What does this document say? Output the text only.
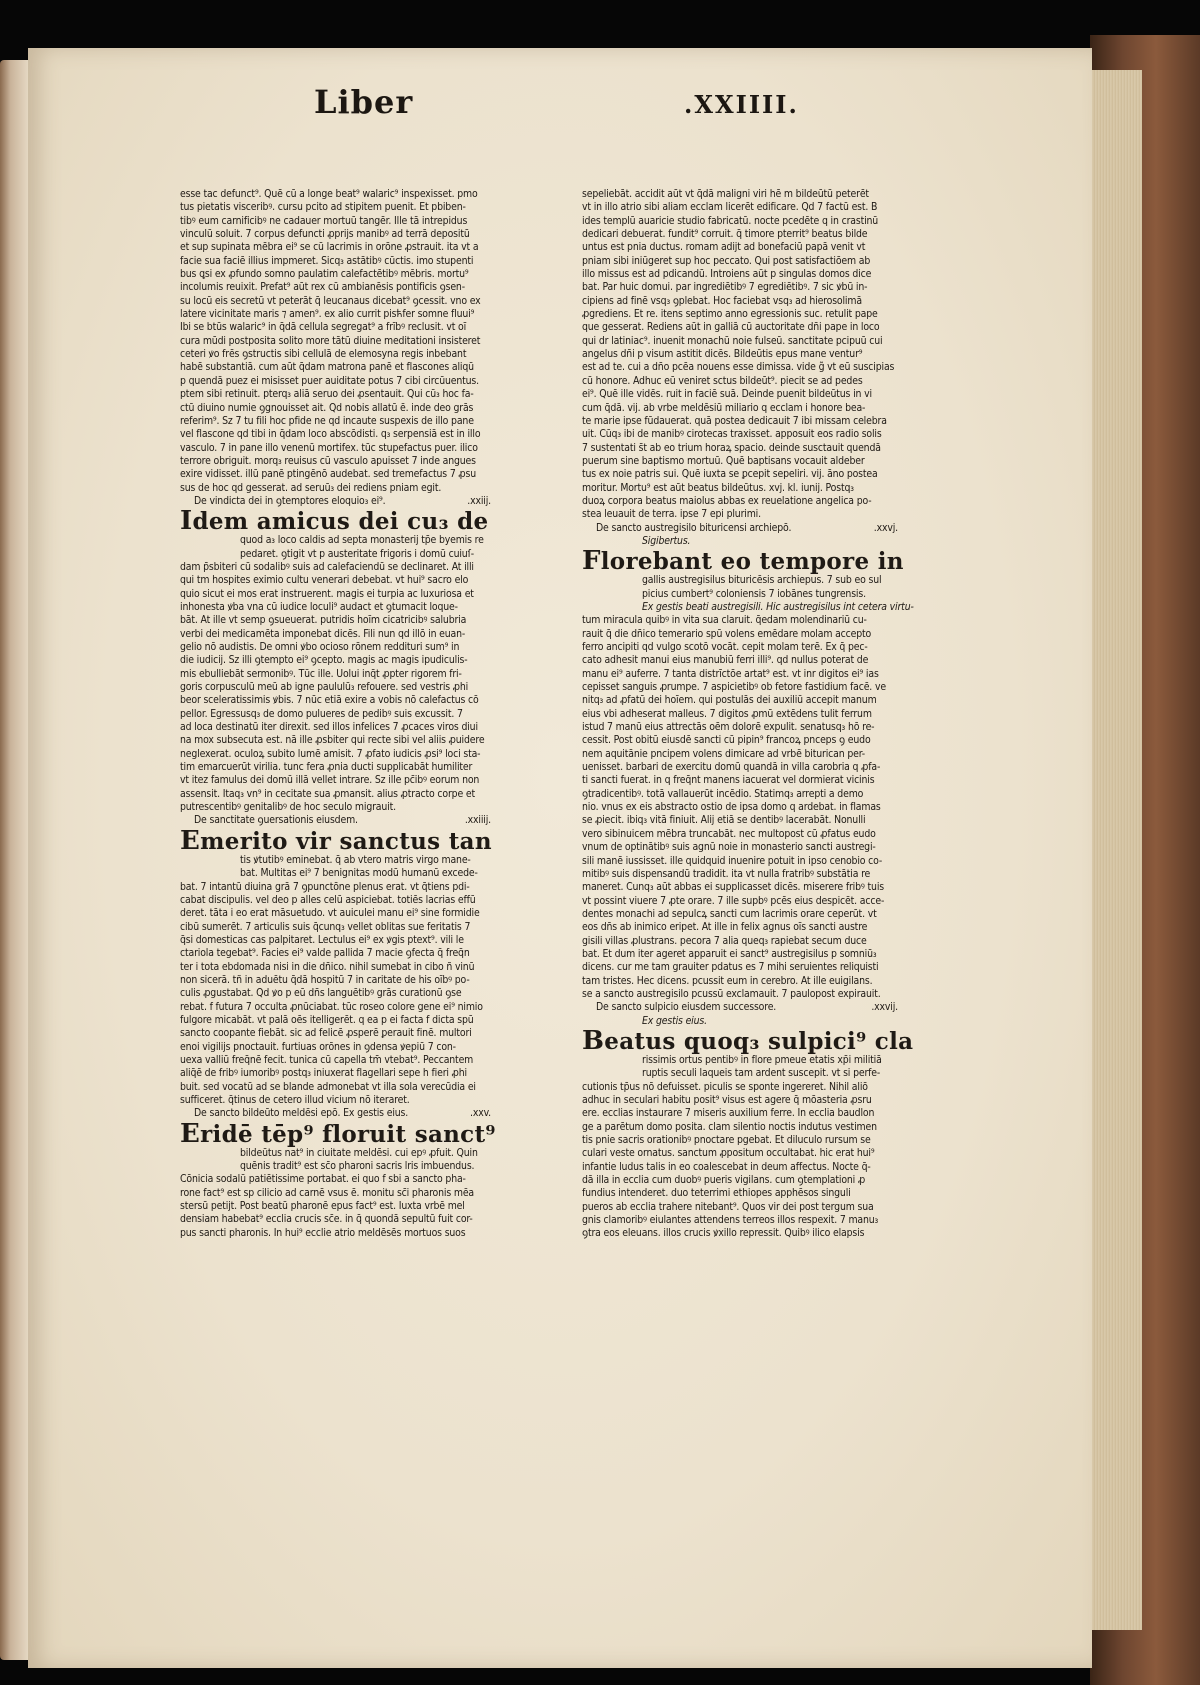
Liber	.XXIIII.
esse tac defunct⁹. Quē cū a longe beat⁹ walaric⁹ inspexisset. pmo
tus pietatis visceribꝰ. cursu pcito ad stipitem puenit. Et pbiben-
tibꝰ eum carnificibꝰ ne cadauer mortuū tangēr. Ille tā intrepidus
vinculū soluit. 7 corpus defuncti ꝓprijs manibꝰ ad terrā depositū
et sup supinata mēbra ei⁹ se cū lacrimis in orōne ꝓstrauit. ita vt a
facie sua faciē illius impmeret. Sicq₃ astātibꝰ cūctis. imo stupenti
bus ꝗsi ex ꝓfundo somno paulatim calefactētibꝰ mēbris. mortu⁹
incolumis reuixit. Prefat⁹ aūt rex cū ambianēsis pontificis ꝯsen-
su locū eis secretū vt peterāt q̄ leucanaus dicebat⁹ ꝯcessit. vno ex
latere vicinitate maris ⁊ amen⁹. ex alio currit pisћfer somne fluui⁹
Ibi se btūs walaric⁹ in q̄dā cellula segregat⁹ a frībꝰ reclusit. vt oī
cura mūdi postposita solito more tātū diuine meditationi insisteret
ceteri ꝟo frēs ꝯstructis sibi cellulā de elemosyna regis inbebant
habē substantiā. cum aūt q̄dam matrona panē et flascones aliqū
p quendā puez ei misisset puer auiditate potus 7 cibi circūuentus.
ptem sibi retinuit. pterq₃ aliā seruo dei ꝓsentauit. Qui cū₃ hoc fa-
ctū diuino numie ꝯgnouisset ait. Qd nobis allatū ē. inde deo grās
referim⁹. Sz 7 tu fili hoc pfide ne qd incaute suspexis de illo pane
vel flascone qd tibi in q̄dam loco abscōdisti. q₃ serpensiā est in illo
vasculo. 7 in pane illo venenū mortifex. tūc stupefactus puer. ilico
terrore obriguit. morq₃ reuisus cū vasculo apuisset 7 inde angues
exire vidisset. illū panē ptingēnō audebat. sed tremefactus 7 ꝓsu
sus de hoc qd gesserat. ad seruū₃ dei rediens pniam egit.
De vindicta dei in ꝯtemptores eloquio₃ ei⁹.	.xxiij.
Idem amicus dei cu₃ de
quod a₃ loco caldis ad septa monasterij tp̄e byemis re
pedaret. ꝯtigit vt p austeritate frigoris i domū cuiuſ-
dam p̄sbiteri cū sodalibꝰ suis ad calefaciendū se declinaret. At illi
qui tm hospites eximio cultu venerari debebat. vt hui⁹ sacro elo
quio sicut ei mos erat instruerent. magis ei turpia ac luxuriosa et
inhonesta ꝟba vna cū iudice loculi⁹ audact et ꝯtumacit loque-
bāt. At ille vt semp ꝯsueuerat. putridis hoīm cicatricibꝰ salubria
verbi dei medicamēta imponebat dicēs. Fili nun qd illō in euan-
gelio nō audistis. De omni ꝟbo ocioso rōnem reddituri sum⁹ in
die iudicij. Sz illi ꝯtempto ei⁹ ꝯcepto. magis ac magis ipudiculis-
mis ebulliebāt sermonibꝰ. Tūc ille. Uolui inq̄t ꝓpter rigorem fri-
goris corpusculū meū ab igne paululū₃ refouere. sed vestris ꝓhi
beor sceleratissimis ꝟbis. 7 nūc etiā exire a vobis nō calefactus cō
pellor. Egressusq₃ de domo pulueres de pedibꝰ suis excussit. 7
ad loca destinatū iter direxit. sed illos infelices 7 ꝓcaces viros diui
na mox subsecuta est. nā ille ꝓsbiter qui recte sibi vel aliis ꝓuidere
neglexerat. oculoꝝ subito lumē amisit. 7 ꝓfato iudicis ꝓsi⁹ loci sta-
tim emarcuerūt virilia. tunc fera ꝓnia ducti supplicabāt humiliter
vt itez famulus dei domū illā vellet intrare. Sz ille pc̄ibꝰ eorum non
assensit. Itaq₃ vn⁹ in cecitate sua ꝓmansit. alius ꝓtracto corpe et
putrescentibꝰ genitalibꝰ de hoc seculo migrauit.
De sanctitate ꝯuersationis eiusdem.	.xxiiij.
Emerito vir sanctus tan
tis ꝟtutibꝰ eminebat. q̄ ab vtero matris virgo mane-
bat. Multitas ei⁹ 7 benignitas modū humanū excede-
bat. 7 intantū diuina grā 7 ꝯpunctōne plenus erat. vt q̄tiens pdi-
cabat discipulis. vel deo p alles celū aspiciebat. totiēs lacrias effū
deret. tāta i eo erat māsuetudo. vt auiculei manu ei⁹ sine formidie
cibū sumerēt. 7 articulis suis q̄cunq₃ vellet oblitas sue feritatis 7
q̄si domesticas cas palpitaret. Lectulus ei⁹ ex ꝟgis ptext⁹. vili le
ctariola tegebat⁹. Facies ei⁹ valde pallida 7 macie ꝯfecta q̄ freq̄n
ter i tota ebdomada nisi in die dn̄ico. nihil sumebat in cibo ñ vinū
non sicerā. tñ in aduētu q̄dā hospitū 7 in caritate de his oībꝰ po-
culis ꝓgustabat. Qd ꝟo p eū dn̄s languētibꝰ grās curationū ꝯse
rebat. f futura 7 occulta ꝓnūciabat. tūc roseo colore gene ei⁹ nimio
fulgore micabāt. vt palā oēs itelligerēt. q ea p ei facta f dicta spū
sancto coopante fiebāt. sic ad felicē ꝓsperē ꝑerauit finē. multori
enoi vigilijs pnoctauit. furtiuas orōnes in ꝯdensa ꝟepiū 7 con-
uexa valliū freq̄nē fecit. tunica cū capella tm̄ vtebat⁹. Peccantem
aliq̄ē de fribꝰ iumoribꝰ postq₃ iniuxerat flagellari sepe h fieri ꝓhi
buit. sed vocatū ad se blande admonebat vt illa sola verecūdia ei
sufficeret. q̄tinus de cetero illud vicium nō iteraret.
De sancto bildeūto meldēsi epō. Ex gestis eius.	.xxv.
Eridē tēp⁹ floruit sanct⁹
bildeūtus nat⁹ in ciuitate meldēsi. cui epꝰ ꝓfuit. Quin
quēnis tradit⁹ est sc̄o pharoni sacris lris imbuendus.
Cōnicia sodalū patiētissime portabat. ei quo f sbi a sancto pha-
rone fact⁹ est sp cilicio ad carnē vsus ē. monitu sc̄i pharonis mēa
stersū petijt. Post beatū pharonē epus fact⁹ est. Iuxta vrbē mel
densiam habebat⁹ ecclia crucis sc̄e. in q̄ quondā sepultū fuit cor-
pus sancti pharonis. In hui⁹ ecclie atrio meldēsēs mortuos suos
sepeliebāt. accidit aūt vt q̄dā maligni viri hē m bildeūtū peterēt
vt in illo atrio sibi aliam ecclam licerēt edificare. Qd 7 factū est. B
ides templū auaricie studio fabricatū. nocte pcedēte q in crastinū
dedicari debuerat. fundit⁹ corruit. q̄ timore pterrit⁹ beatus bilde
untus est pnia ductus. romam adijt ad bonefaciū papā venit vt
pniam sibi iniūgeret sup hoc peccato. Qui post satisfactiōem ab
illo missus est ad pdicandū. Introiens aūt p singulas domos dice
bat. Par huic domui. par ingrediētibꝰ 7 egrediētibꝰ. 7 sic ꝟbū in-
cipiens ad finē vsq₃ ꝯplebat. Hoc faciebat vsq₃ ad hierosolimā
ꝓgrediens. Et re. itens septimo anno egressionis suc. retulit pape
que gesserat. Rediens aūt in galliā cū auctoritate dn̄i pape in loco
qui dr latiniac⁹. inuenit monachū noie fulseū. sanctitate pcipuū cui
angelus dn̄i p visum astitit dicēs. Bildeūtis epus mane ventur⁹
est ad te. cui a dn̄o pcēa nouens esse dimissa. vide g̃ vt eū suscipias
cū honore. Adhuc eū veniret sctus bildeūt⁹. piecit se ad pedes
ei⁹. Quē ille vidēs. ruit in faciē suā. Deinde puenit bildeūtus in vi
cum q̄dā. vij. ab vrbe meldēsiū miliario q ecclam i honore bea-
te marie ipse fūdauerat. quā postea dedicauit 7 ibi missam celebra
uit. Cūq₃ ibi de manibꝰ cirotecas traxisset. apposuit eos radio solis
7 sustentati s̄t ab eo trium horaꝝ spacio. deinde susctauit quendā
puerum sine baptismo mortuū. Quē baptisans vocauit aldeber
tus ex noie patris sui. Quē iuxta se ꝑcepit sepeliri. vij. āno postea
moritur. Mortu⁹ est aūt beatus bildeūtus. xvj. kl. iunij. Postq₃
duoꝝ corpora beatus maiolus abbas ex reuelatione angelica po-
stea leuauit de terra. ipse 7 epi plurimi.
De sancto austregisilo bituricensi archiepō.	.xxvj.
Sigibertus.
Florebant eo tempore in
gallis austregisilus bituricēsis archiepus. 7 sub eo sul
picius cumbert⁹ coloniensis 7 iobānes tungrensis.
Ex gestis beati austregisili. Hic austregisilus int cetera virtu-
tum miracula quibꝰ in vita sua claruit. q̄edam molendinariū cu-
rauit q̄ die dn̄ico temerario spū volens emēdare molam accepto
ferro ancipiti qd vulgo scotō vocāt. cepit molam terē. Ex q̄ pec-
cato adhesit manui eius manubiū ferri illi⁹. qd nullus poterat de
manu ei⁹ auferre. 7 tanta distrīctōe artat⁹ est. vt inr digitos ei⁹ ias
cepisset sanguis ꝓrumpe. 7 aspicietibꝰ ob fetore fastidium facē. ve
nitq₃ ad ꝓfatū dei hoīem. qui postulās dei auxiliū accepit manum
eius vbi adheserat malleus. 7 digitos ꝓmū extēdens tulit ferrum
istud 7 manū eius attrectās oēm dolorē expulit. senatusq₃ hō re-
cessit. Post obitū eiusdē sancti cū pipin⁹ francoꝝ pnceps ꝯ eudo
nem aquitānie pncipem volens dimicare ad vrbē biturican per-
uenisset. barbari de exercitu domū quandā in villa carobria q ꝓfa-
ti sancti fuerat. in q freq̄nt manens iacuerat vel dormierat vicinis
ꝯtradicentibꝰ. totā vallauerūt incēdio. Statimq₃ arrepti a demo
nio. vnus ex eis abstracto ostio de ipsa domo q ardebat. in flamas
se ꝓiecit. ibiq₃ vitā finiuit. Alij etiā se dentibꝰ lacerabāt. Nonulli
vero sibinuicem mēbra truncabāt. nec multopost cū ꝓfatus eudo
vnum de optinātibꝰ suis agnū noie in monasterio sancti austregi-
sili manē iussisset. ille quidquid inuenire potuit in ipso cenobio co-
mitibꝰ suis dispensandū tradidit. ita vt nulla fratribꝰ substātia re
maneret. Cunq₃ aūt abbas ei supplicasset dicēs. miserere fribꝰ tuis
vt possint viuere 7 ꝓte orare. 7 ille supbꝰ pcēs eius despicēt. acce-
dentes monachi ad sepulcꝝ sancti cum lacrimis orare ceperūt. vt
eos dn̄s ab inimico eripet. At ille in felix agnus oīs sancti austre
gisili villas ꝓlustrans. pecora 7 alia queq₃ rapiebat secum duce
bat. Et dum iter ageret apparuit ei sanct⁹ austregisilus p somniū₃
dicens. cur me tam grauiter pdatus es 7 mihi seruientes reliquisti
tam tristes. Hec dicens. pcussit eum in cerebro. At ille euigilans.
se a sancto austregisilo pcussū exclamauit. 7 paulopost expirauit.
De sancto sulpicio eiusdem successore.	.xxvij.
Ex gestis eius.
Beatus quoq₃ sulpici⁹ cla
rissimis ortus pentibꝰ in flore pmeue etatis xp̄i militiā
ruptis seculi laqueis tam ardent suscepit. vt si perfe-
cutionis tp̄us nō defuisset. piculis se sponte ingereret. Nihil aliō
adhuc in seculari habitu posit⁹ visus est agere q̄ mōasteria ꝓsru
ere. ecclias instaurare 7 miseris auxilium ferre. In ecclia baudlon
ge a parētum domo posita. clam silentio noctis indutus vestimen
tis pnie sacris orationibꝰ pnoctare pgebat. Et diluculo rursum se
culari veste ornatus. sanctum ꝓpositum occultabat. hic erat hui⁹
infantie ludus talis in eo coalescebat in deum affectus. Nocte q̄-
dā illa in ecclia cum duobꝰ pueris vigilans. cum ꝯtemplationi ꝓ
fundius intenderet. duo teterrimi ethiopes apphēsos singuli
pueros ab ecclia trahere nitebant⁹. Quos vir dei post tergum sua
gnis clamoribꝰ eiulantes attendens terreos illos respexit. 7 manu₃
ꝯtra eos eleuans. illos crucis ꝟxillo repressit. Quibꝰ ilico elapsis
